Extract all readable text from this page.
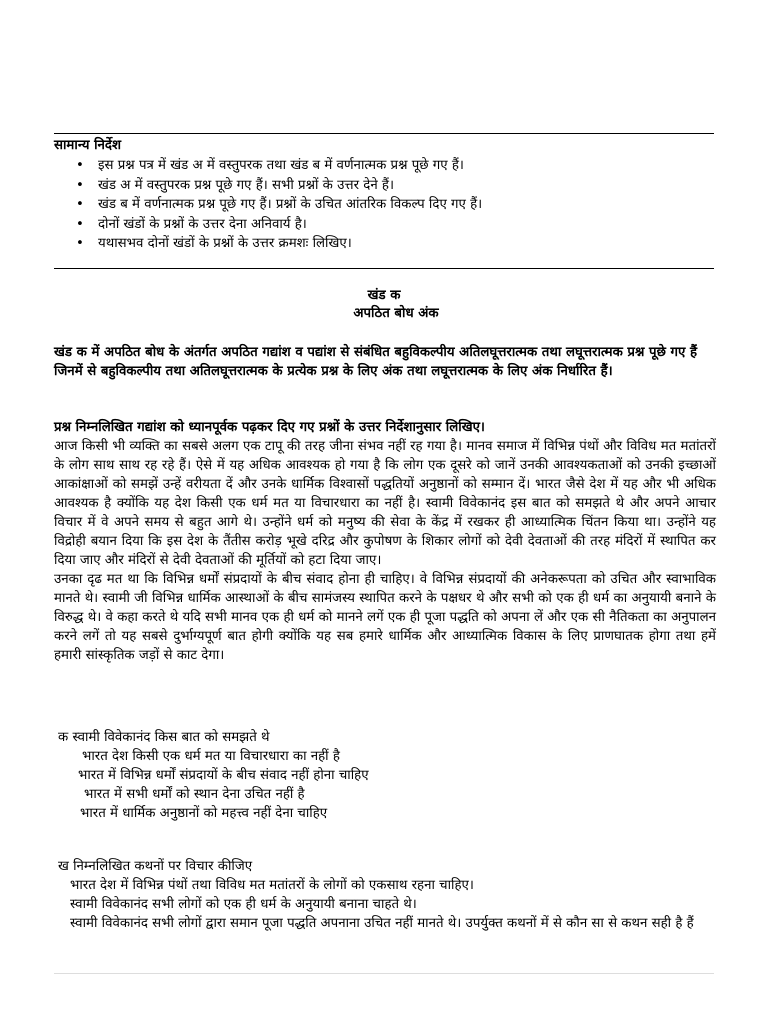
सामान्य निर्देश

• इस प्रश्न पत्र में खंड अ में वस्तुपरक तथा खंड ब में वर्णनात्मक प्रश्न पूछे गए हैं।
• खंड अ में वस्तुपरक प्रश्न पूछे गए हैं। सभी प्रश्नों के उत्तर देने हैं।
• खंड ब में वर्णनात्मक प्रश्न पूछे गए हैं। प्रश्नों के उचित आंतरिक विकल्प दिए गए हैं।
• दोनों खंडों के प्रश्नों के उत्तर देना अनिवार्य है।
• यथासभव दोनों खंडों के प्रश्नों के उत्तर क्रमशः लिखिए।
खंड क
अपठित बोध अंक
खंड क में अपठित बोध के अंतर्गत अपठित गद्यांश व पद्यांश से संबंधित बहुविकल्पीय अतिलघूत्तरात्मक तथा लघूत्तरात्मक प्रश्न पूछे गए हैं जिनमें से बहुविकल्पीय तथा अतिलघूत्तरात्मक के प्रत्येक प्रश्न के लिए अंक तथा लघूत्तरात्मक के लिए अंक निर्धारित हैं।

प्रश्न निम्नलिखित गद्यांश को ध्यानपूर्वक पढ़कर दिए गए प्रश्नों के उत्तर निर्देशानुसार लिखिए।

आज किसी भी व्यक्ति का सबसे अलग एक टापू की तरह जीना संभव नहीं रह गया है। मानव समाज में विभिन्न पंथों और विविध मत मतांतरों के लोग साथ साथ रह रहे हैं। ऐसे में यह अधिक आवश्यक हो गया है कि लोग एक दूसरे को जानें उनकी आवश्यकताओं को उनकी इच्छाओं आकांक्षाओं को समझें उन्हें वरीयता दें और उनके धार्मिक विश्वासों पद्धतियों अनुष्ठानों को सम्मान दें। भारत जैसे देश में यह और भी अधिक आवश्यक है क्योंकि यह देश किसी एक धर्म मत या विचारधारा का नहीं है। स्वामी विवेकानंद इस बात को समझते थे और अपने आचार विचार में वे अपने समय से बहुत आगे थे। उन्होंने धर्म को मनुष्य की सेवा के केंद्र में रखकर ही आध्यात्मिक चिंतन किया था। उन्होंने यह विद्रोही बयान दिया कि इस देश के तैंतीस करोड़ भूखे दरिद्र और कुपोषण के शिकार लोगों को देवी देवताओं की तरह मंदिरों में स्थापित कर दिया जाए और मंदिरों से देवी देवताओं की मूर्तियों को हटा दिया जाए।

उनका दृढ मत था कि विभिन्न धर्मों संप्रदायों के बीच संवाद होना ही चाहिए। वे विभिन्न संप्रदायों की अनेकरूपता को उचित और स्वाभाविक मानते थे। स्वामी जी विभिन्न धार्मिक आस्थाओं के बीच सामंजस्य स्थापित करने के पक्षधर थे और सभी को एक ही धर्म का अनुयायी बनाने के विरुद्ध थे। वे कहा करते थे यदि सभी मानव एक ही धर्म को मानने लगें एक ही पूजा पद्धति को अपना लें और एक सी नैतिकता का अनुपालन करने लगें तो यह सबसे दुर्भाग्यपूर्ण बात होगी क्योंकि यह सब हमारे धार्मिक और आध्यात्मिक विकास के लिए प्राणघातक होगा तथा हमें हमारी सांस्कृतिक जड़ों से काट देगा।

क स्वामी विवेकानंद किस बात को समझते थे
भारत देश किसी एक धर्म मत या विचारधारा का नहीं है
भारत में विभिन्न धर्मों संप्रदायों के बीच संवाद नहीं होना चाहिए
भारत में सभी धर्मों को स्थान देना उचित नहीं है
भारत में धार्मिक अनुष्ठानों को महत्त्व नहीं देना चाहिए
ख निम्नलिखित कथनों पर विचार कीजिए
भारत देश में विभिन्न पंथों तथा विविध मत मतांतरों के लोगों को एकसाथ रहना चाहिए।
स्वामी विवेकानंद सभी लोगों को एक ही धर्म के अनुयायी बनाना चाहते थे।
स्वामी विवेकानंद सभी लोगों द्वारा समान पूजा पद्धति अपनाना उचित नहीं मानते थे। उपर्युक्त कथनों में से कौन सा से कथन सही है हैं
